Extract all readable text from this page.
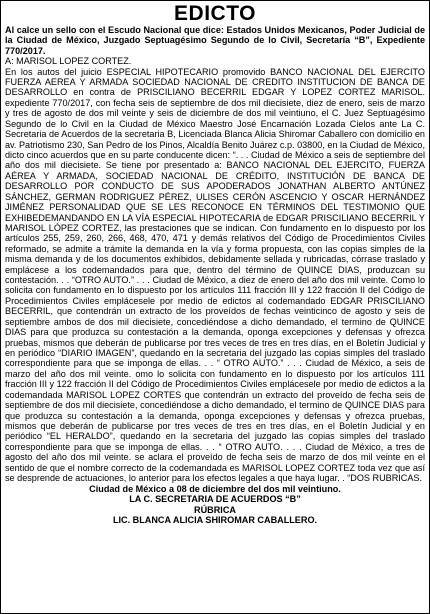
EDICTO

Al calce un sello con el Escudo Nacional que dice: Estados Unidos Mexicanos, Poder Judicial de la Ciudad de México, Juzgado Septuagésimo Segundo de lo Civil, Secretaría “B”, Expediente 770/2017.

A: MARISOL LOPEZ CORTEZ.

En los autos del juicio ESPECIAL HIPOTECARIO promovido BANCO NACIONAL DEL EJERCITO FUERZA AEREA Y ARMADA SOCIEDAD NACIONAL DE CREDITO INSTITUCION DE BANCA DE DESARROLLO en contra de PRISCILIANO BECERRIL EDGAR Y LOPEZ CORTEZ MARISOL. expediente 770/2017, con fecha seis de septiembre de dos mil diecisiete, diez de enero, seis de marzo y tres de agosto de dos mil veinte y seis de diciembre de dos mil veintiuno, el C. Juez Septuagésimo Segundo de lo Civil en la Ciudad de México Maestro José Encarnación Lozada Cielos ante La C. Secretaria de Acuerdos de la secretaria B, Licenciada Blanca Alicia Shiromar Caballero con domicilio en av. Patriotismo 230, San Pedro de los Pinos, Alcaldía Benito Juárez c.p. 03800, en la Ciudad de México, dicto cinco acuerdos que en su parte conducente dicen: “. . . Ciudad de México a seis de septiembre del año dos mil diecisiete. Se tiene por presentado a: BANCO NACIONAL DEL EJERCITO, FUERZA AÉREA Y ARMADA, SOCIEDAD NACIONAL DE CRÉDITO, INSTITUCIÓN DE BANCA DE DESARROLLO POR CONDUCTO DE SUS APODERADOS JONATHAN ALBERTO ANTÚNEZ SÁNCHEZ, GERMAN RODRIGUEZ PÉREZ, ULISES CERÓN ASCENCIO Y OSCAR HERNÁNDEZ JIMÉNEZ PERSONALIDAD QUE SE LES RECONOCE EN TÉRMINOS DEL TESTIMONIO QUE EXHIBEDEMANDANDO EN LA VÍA ESPECIAL HIPOTECARIA de EDGAR PRISCILIANO BECERRIL Y MARISOL LÓPEZ CORTEZ, las prestaciones que se indican. Con fundamento en lo dispuesto por los artículos 255, 259, 260, 266, 468, 470, 471 y demás relativos del Código de Procedimientos Civiles reformado, se admite a trámite la demanda en la vía y forma propuesta, con las copias simples de la misma demanda y de los documentos exhibidos, debidamente sellada y rubricadas, córrase traslado y emplácese a los codemandados para que, dentro del término de QUINCE DIAS, produzcan su contestación. . . “OTRO AUTO.” . . . Ciudad de México, a diez de enero del año dos mil veinte. Como lo solicita con fundamento en lo dispuesto por los artículos 111 fracción III y 122 fracción II del Código de Procedimientos Civiles emplácesele por medio de edictos al codemandado EDGAR PRISCILIANO BECERRIL, que contendrán un extracto de los proveídos de fechas veinticinco de agosto y seis de septiembre ambos de dos mil diecisiete, concediéndose a dicho demandado, el termino de QUINCE DIAS para que produzca su contestación a la demanda, oponga excepciones y defensas y ofrezca pruebas, mismos que deberán de publicarse por tres veces de tres en tres días, en el Boletín Judicial y en periódico “DIARIO IMAGEN”, quedando en la secretaria del juzgado las copias simples del traslado correspondiente para que se imponga de ellas. . . “ OTRO AUTO.” . . . Ciudad de México, a seis de marzo del año dos mil veinte. omo lo solicita con fundamento en lo dispuesto por los artículos 111 fracción III y 122 fracción II del Código de Procedimientos Civiles emplácesele por medio de edictos a la codemandada MARISOL LOPEZ CORTES que contendrán un extracto del proveído de fecha seis de septiembre de dos mil diecisiete, concediéndose a dicho demandado, el termino de QUINCE DIAS para que produzca su contestación a la demanda, oponga excepciones y defensas y ofrezca pruebas, mismos que deberán de publicarse por tres veces de tres en tres días, en el Boletín Judicial y en periódico “EL HERALDO”, quedando en la secretaria del juzgado las copias simples del traslado correspondiente para que se imponga de ellas. . . “ OTRO AUTO. . . . Ciudad de México, a tres de agosto del año dos mil veinte. se aclara el proveído de fecha seis de marzo de dos mil veinte en el sentido de que el nombre correcto de la codemandada es MARISOL LOPEZ CORTEZ toda vez que así se desprende de actuaciones, lo anterior para los efectos legales a que haya lugar. . “DOS RUBRICAS.

Ciudad de México a 08 de diciembre del dos mil veintiuno.

LA C. SECRETARIA DE ACUERDOS “B”

RÚBRICA

LIC. BLANCA ALICIA SHIROMAR CABALLERO.
